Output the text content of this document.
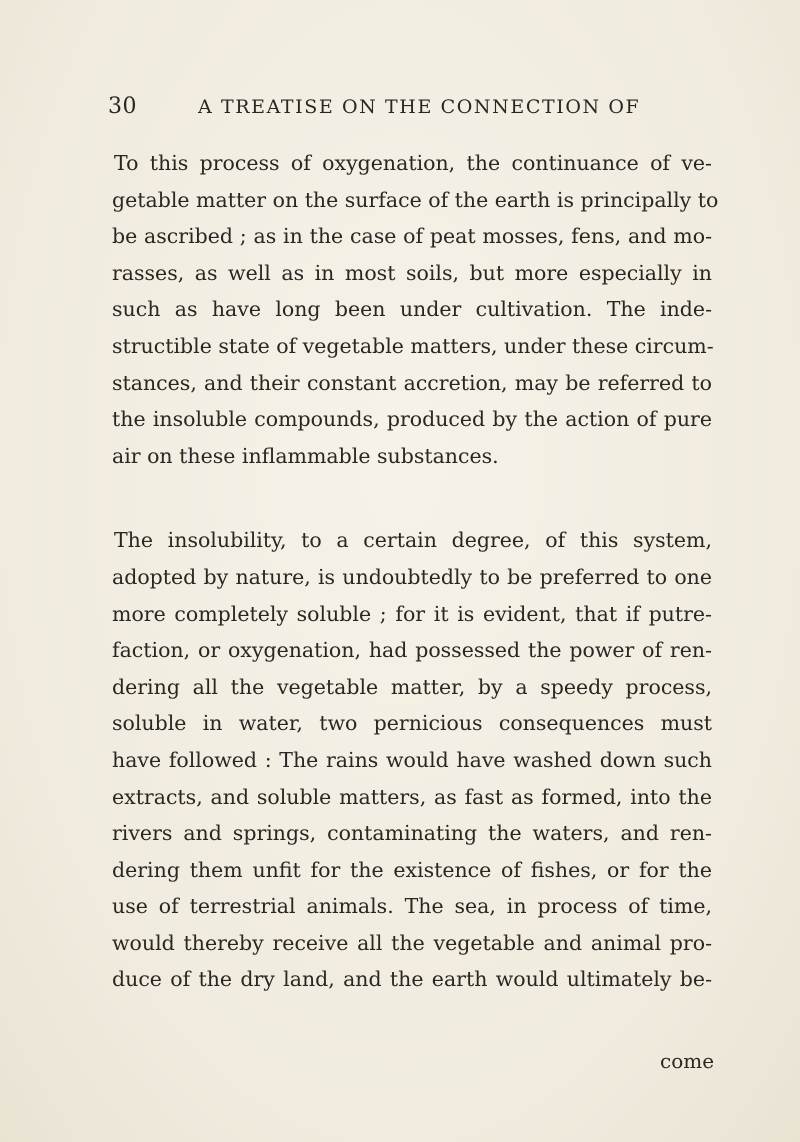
30	A TREATISE ON THE CONNECTION OF
To this process of oxygenation, the continuance of ve-
getable matter on the surface of the earth is principally to
be ascribed ; as in the case of peat mosses, fens, and mo-
rasses, as well as in most soils, but more especially in
such as have long been under cultivation. The inde-
structible state of vegetable matters, under these circum-
stances, and their constant accretion, may be referred to
the insoluble compounds, produced by the action of pure
air on these inflammable substances.
The insolubility, to a certain degree, of this system,
adopted by nature, is undoubtedly to be preferred to one
more completely soluble ; for it is evident, that if putre-
faction, or oxygenation, had possessed the power of ren-
dering all the vegetable matter, by a speedy process,
soluble in water, two pernicious consequences must
have followed : The rains would have washed down such
extracts, and soluble matters, as fast as formed, into the
rivers and springs, contaminating the waters, and ren-
dering them unfit for the existence of fishes, or for the
use of terrestrial animals. The sea, in process of time,
would thereby receive all the vegetable and animal pro-
duce of the dry land, and the earth would ultimately be-
come
